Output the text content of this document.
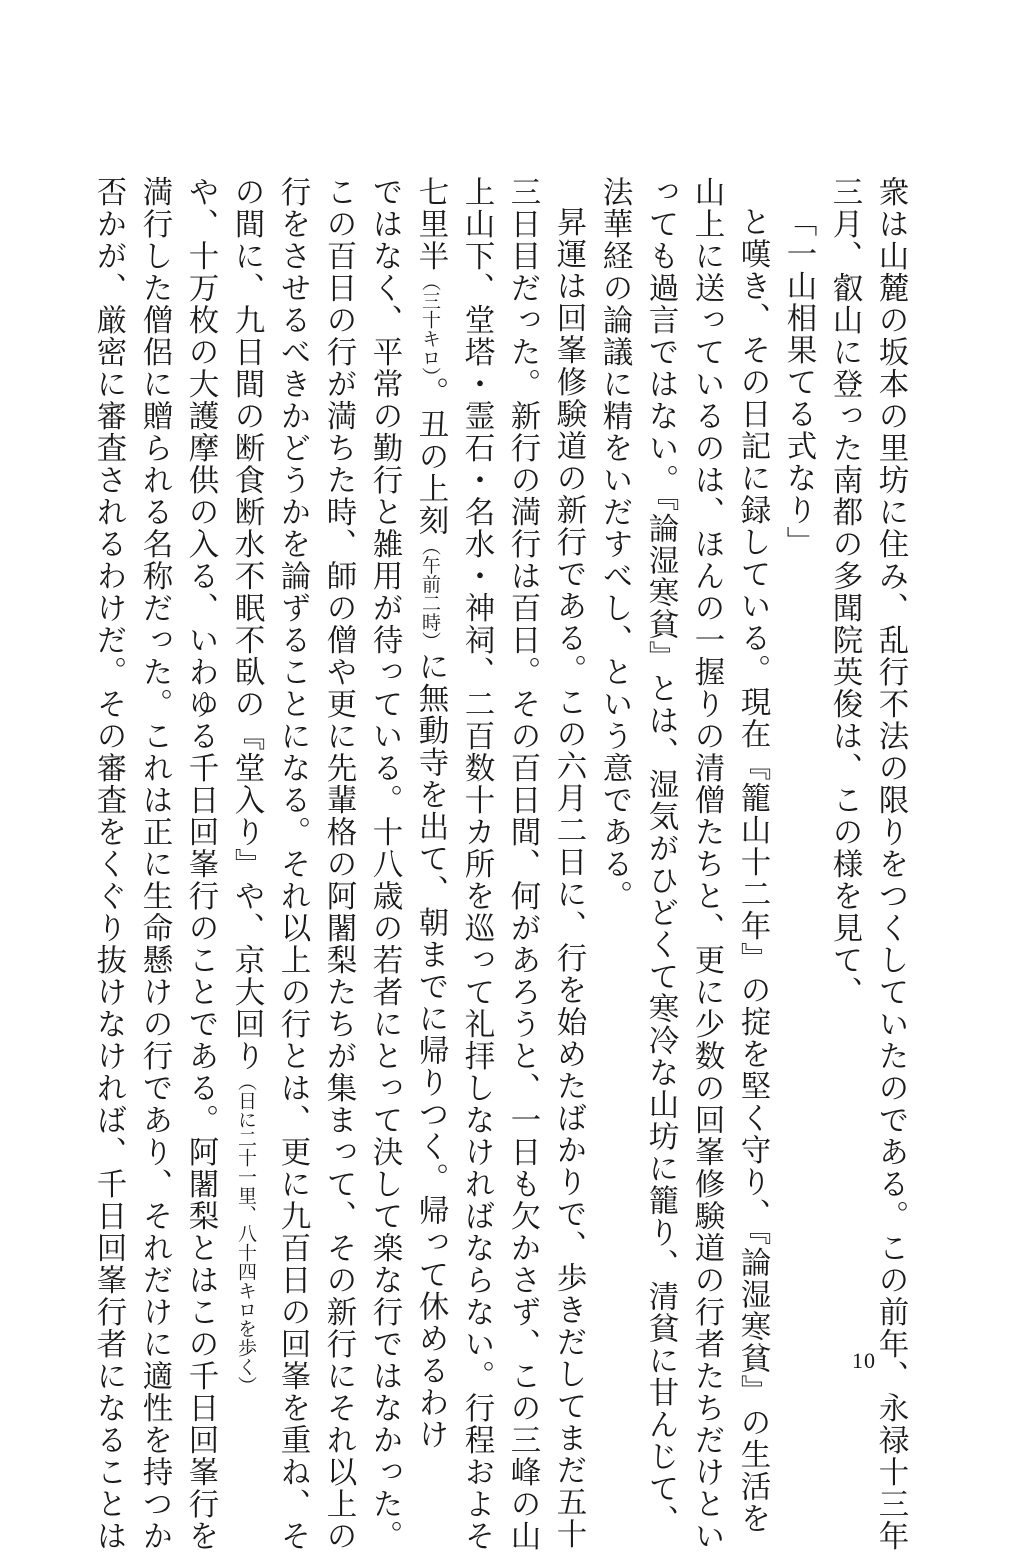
衆は山麓の坂本の里坊に住み、乱行不法の限りをつくしていたのである。この前年、永禄十三年
三月、叡山に登った南都の多聞院英俊は、この様を見て、
「一山相果てる式なり」
と嘆き、その日記に録している。現在『籠山十二年』の掟を堅く守り、『論湿寒貧』の生活を
山上に送っているのは、ほんの一握りの清僧たちと、更に少数の回峯修験道の行者たちだけとい
っても過言ではない。『論湿寒貧』とは、湿気がひどくて寒冷な山坊に籠り、清貧に甘んじて、
法華経の論議に精をいだすべし、という意である。
昇運は回峯修験道の新行である。この六月二日に、行を始めたばかりで、歩きだしてまだ五十
三日目だった。新行の満行は百日。その百日間、何があろうと、一日も欠かさず、この三峰の山
上山下、堂塔・霊石・名水・神祠、二百数十カ所を巡って礼拝しなければならない。行程およそ
七里半（三十キロ）。丑の上刻（午前二時）に無動寺を出て、朝までに帰りつく。帰って休めるわけ
ではなく、平常の勤行と雑用が待っている。十八歳の若者にとって決して楽な行ではなかった。
この百日の行が満ちた時、師の僧や更に先輩格の阿闍梨たちが集まって、その新行にそれ以上の
行をさせるべきかどうかを論ずることになる。それ以上の行とは、更に九百日の回峯を重ね、そ
の間に、九日間の断食断水不眠不臥の『堂入り』や、京大回り（日に二十一里、八十四キロを歩く）
や、十万枚の大護摩供の入る、いわゆる千日回峯行のことである。阿闍梨とはこの千日回峯行を
満行した僧侶に贈られる名称だった。これは正に生命懸けの行であり、それだけに適性を持つか
否かが、厳密に審査されるわけだ。その審査をくぐり抜けなければ、千日回峯行者になることは	10
